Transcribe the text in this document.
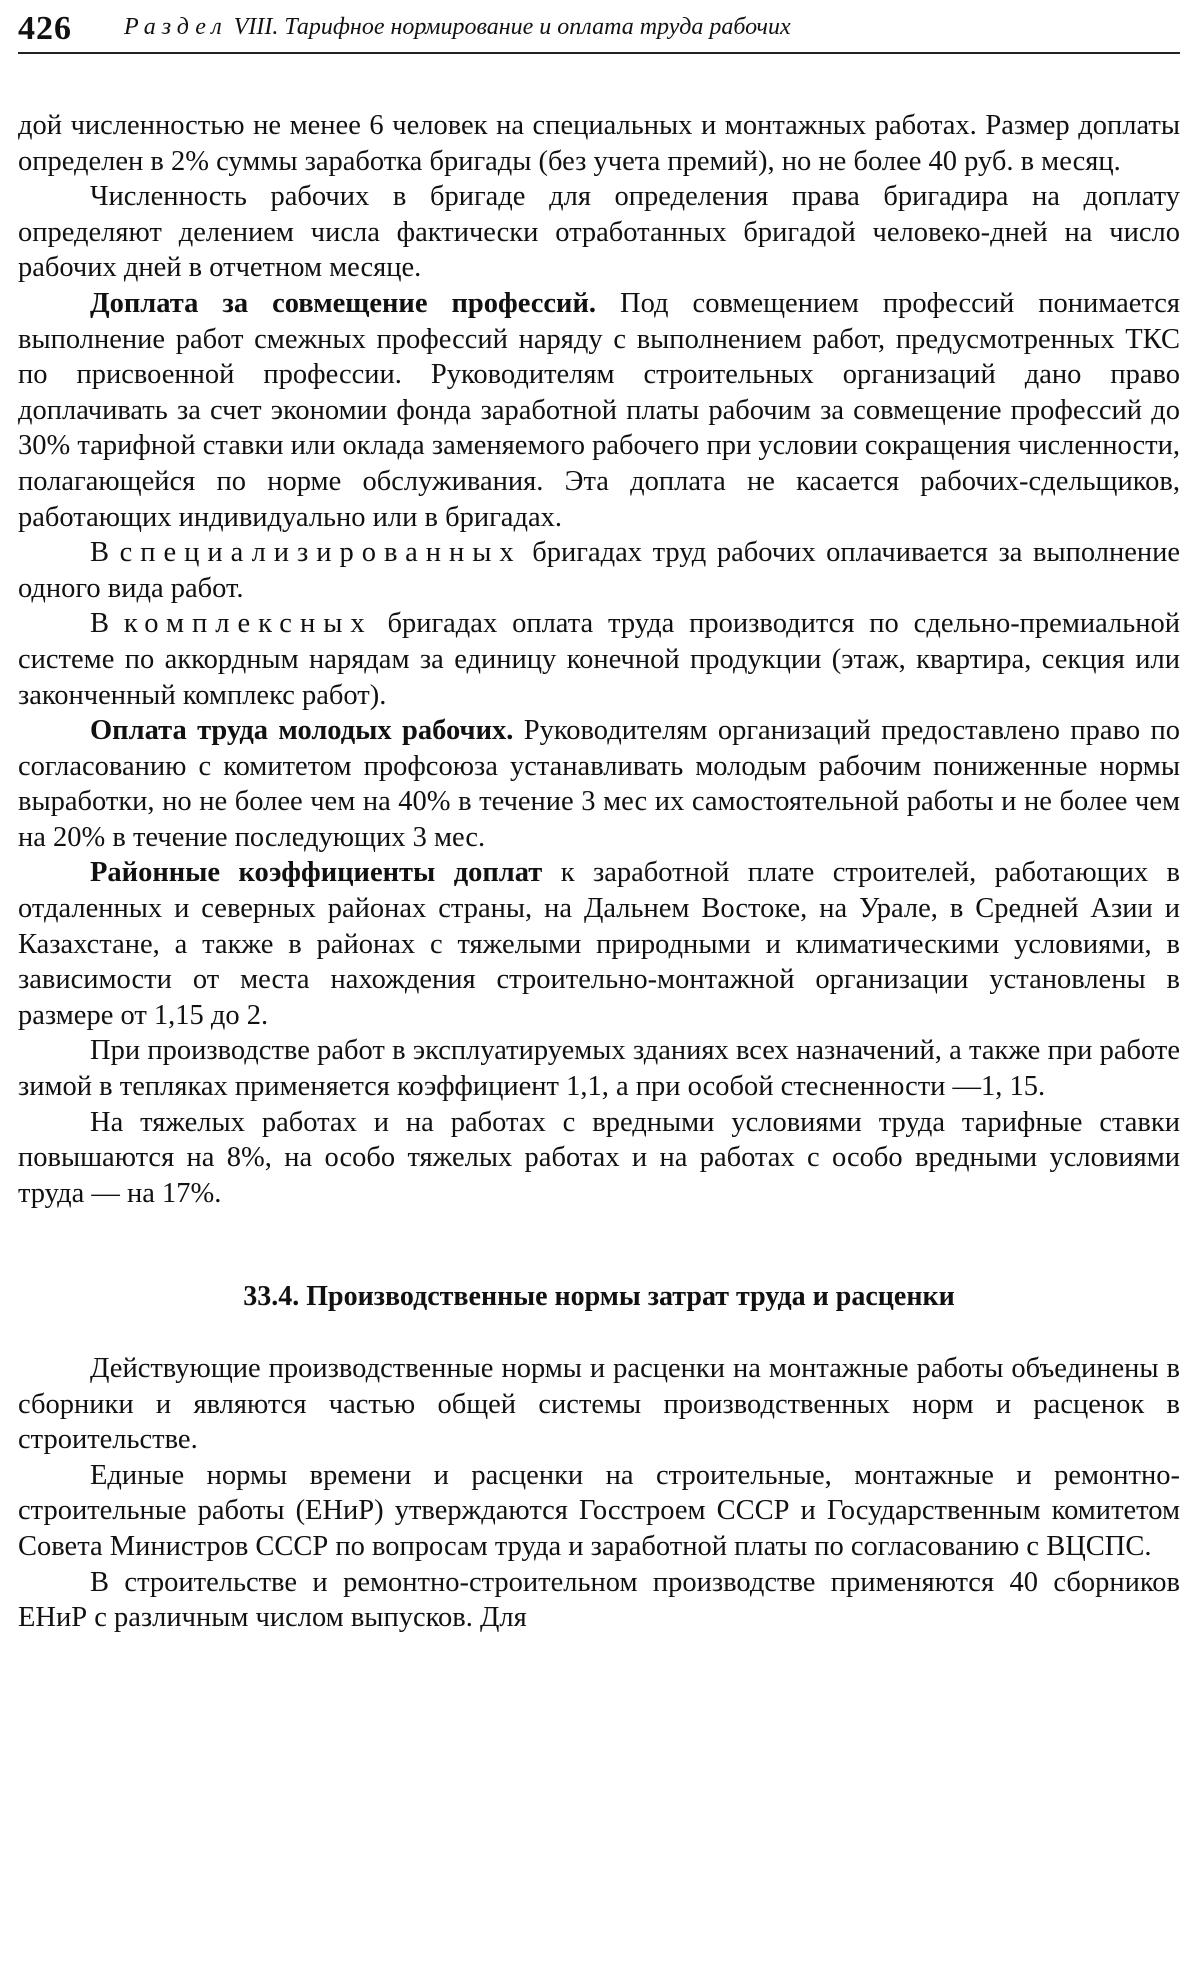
426 Раздел VIII. Тарифное нормирование и оплата труда рабочих

дой численностью не менее 6 человек на специальных и монтажных работах. Размер доплаты определен в 2% суммы заработка бригады (без учета премий), но не более 40 руб. в месяц.

Численность рабочих в бригаде для определения права бригадира на доплату определяют делением числа фактически отработанных бригадой человеко-дней на число рабочих дней в отчетном месяце.

Доплата за совмещение профессий. Под совмещением профессий понимается выполнение работ смежных профессий наряду с выполнением работ, предусмотренных ТКС по присвоенной профессии. Руководителям строительных организаций дано право доплачивать за счет экономии фонда заработной платы рабочим за совмещение профессий до 30% тарифной ставки или оклада заменяемого рабочего при условии сокращения численности, полагающейся по норме обслуживания. Эта доплата не касается рабочих-сдельщиков, работающих индивидуально или в бригадах.

В специализированных бригадах труд рабочих оплачивается за выполнение одного вида работ.

В комплексных бригадах оплата труда производится по сдельно-премиальной системе по аккордным нарядам за единицу конечной продукции (этаж, квартира, секция или законченный комплекс работ).

Оплата труда молодых рабочих. Руководителям организаций предоставлено право по согласованию с комитетом профсоюза устанавливать молодым рабочим пониженные нормы выработки, но не более чем на 40% в течение 3 мес их самостоятельной работы и не более чем на 20% в течение последующих 3 мес.

Районные коэффициенты доплат к заработной плате строителей, работающих в отдаленных и северных районах страны, на Дальнем Востоке, на Урале, в Средней Азии и Казахстане, а также в районах с тяжелыми природными и климатическими условиями, в зависимости от места нахождения строительно-монтажной организации установлены в размере от 1,15 до 2.

При производстве работ в эксплуатируемых зданиях всех назначений, а также при работе зимой в тепляках применяется коэффициент 1,1, а при особой стесненности —1, 15.

На тяжелых работах и на работах с вредными условиями труда тарифные ставки повышаются на 8%, на особо тяжелых работах и на работах с особо вредными условиями труда — на 17%.

33.4. Производственные нормы затрат труда и расценки

Действующие производственные нормы и расценки на монтажные работы объединены в сборники и являются частью общей системы производственных норм и расценок в строительстве.

Единые нормы времени и расценки на строительные, монтажные и ремонтно-строительные работы (ЕНиР) утверждаются Госстроем СССР и Государственным комитетом Совета Министров СССР по вопросам труда и заработной платы по согласованию с ВЦСПС.

В строительстве и ремонтно-строительном производстве применяются 40 сборников ЕНиР с различным числом выпусков. Для
